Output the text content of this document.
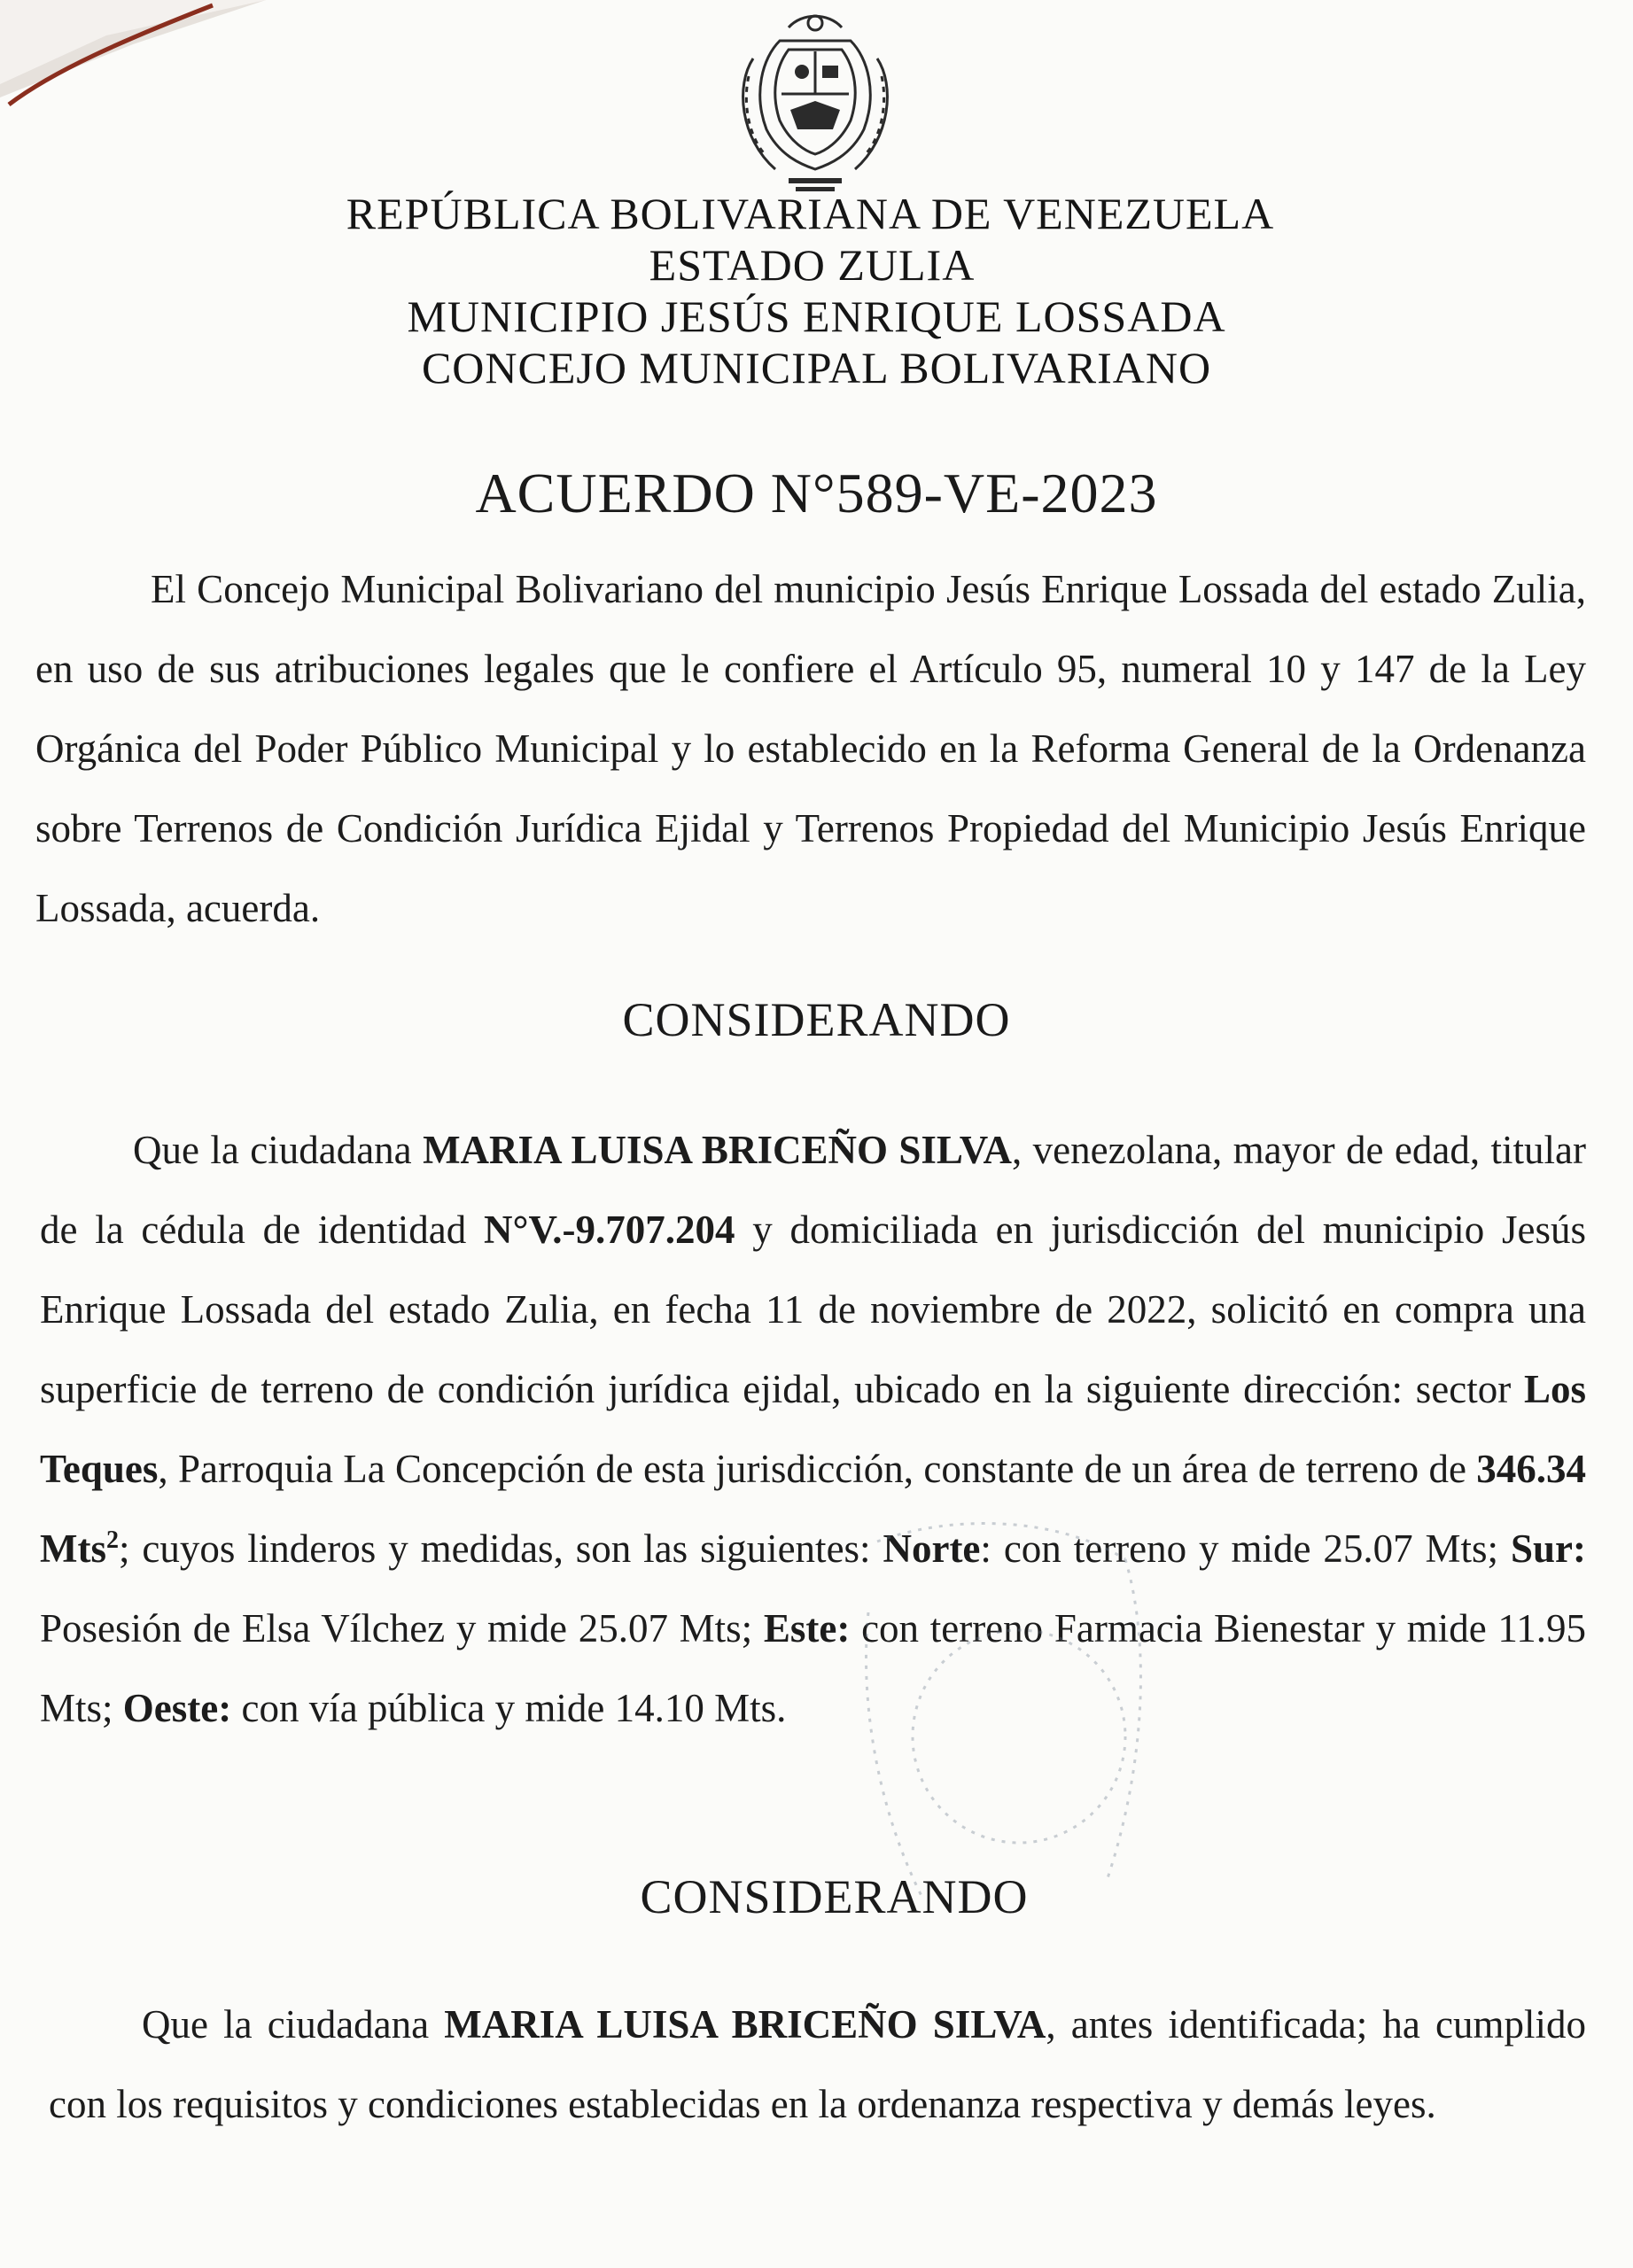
REPÚBLICA BOLIVARIANA DE VENEZUELA
ESTADO ZULIA
MUNICIPIO JESÚS ENRIQUE LOSSADA
CONCEJO MUNICIPAL BOLIVARIANO
ACUERDO N°589-VE-2023
El Concejo Municipal Bolivariano del municipio Jesús Enrique Lossada del estado Zulia, en uso de sus atribuciones legales que le confiere el Artículo 95, numeral 10 y 147 de la Ley Orgánica del Poder Público Municipal y lo establecido en la Reforma General de la Ordenanza sobre Terrenos de Condición Jurídica Ejidal y Terrenos Propiedad del Municipio Jesús Enrique Lossada, acuerda.
CONSIDERANDO
Que la ciudadana MARIA LUISA BRICEÑO SILVA, venezolana, mayor de edad, titular de la cédula de identidad N°V.-9.707.204 y domiciliada en jurisdicción del municipio Jesús Enrique Lossada del estado Zulia, en fecha 11 de noviembre de 2022, solicitó en compra una superficie de terreno de condición jurídica ejidal, ubicado en la siguiente dirección: sector Los Teques, Parroquia La Concepción de esta jurisdicción, constante de un área de terreno de 346.34 Mts$^2$; cuyos linderos y medidas, son las siguientes: Norte: con terreno y mide 25.07 Mts; Sur: Posesión de Elsa Vílchez y mide 25.07 Mts; Este: con terreno Farmacia Bienestar y mide 11.95 Mts; Oeste: con vía pública y mide 14.10 Mts.
CONSIDERANDO
Que la ciudadana MARIA LUISA BRICEÑO SILVA, antes identificada; ha cumplido con los requisitos y condiciones establecidas en la ordenanza respectiva y demás leyes.
